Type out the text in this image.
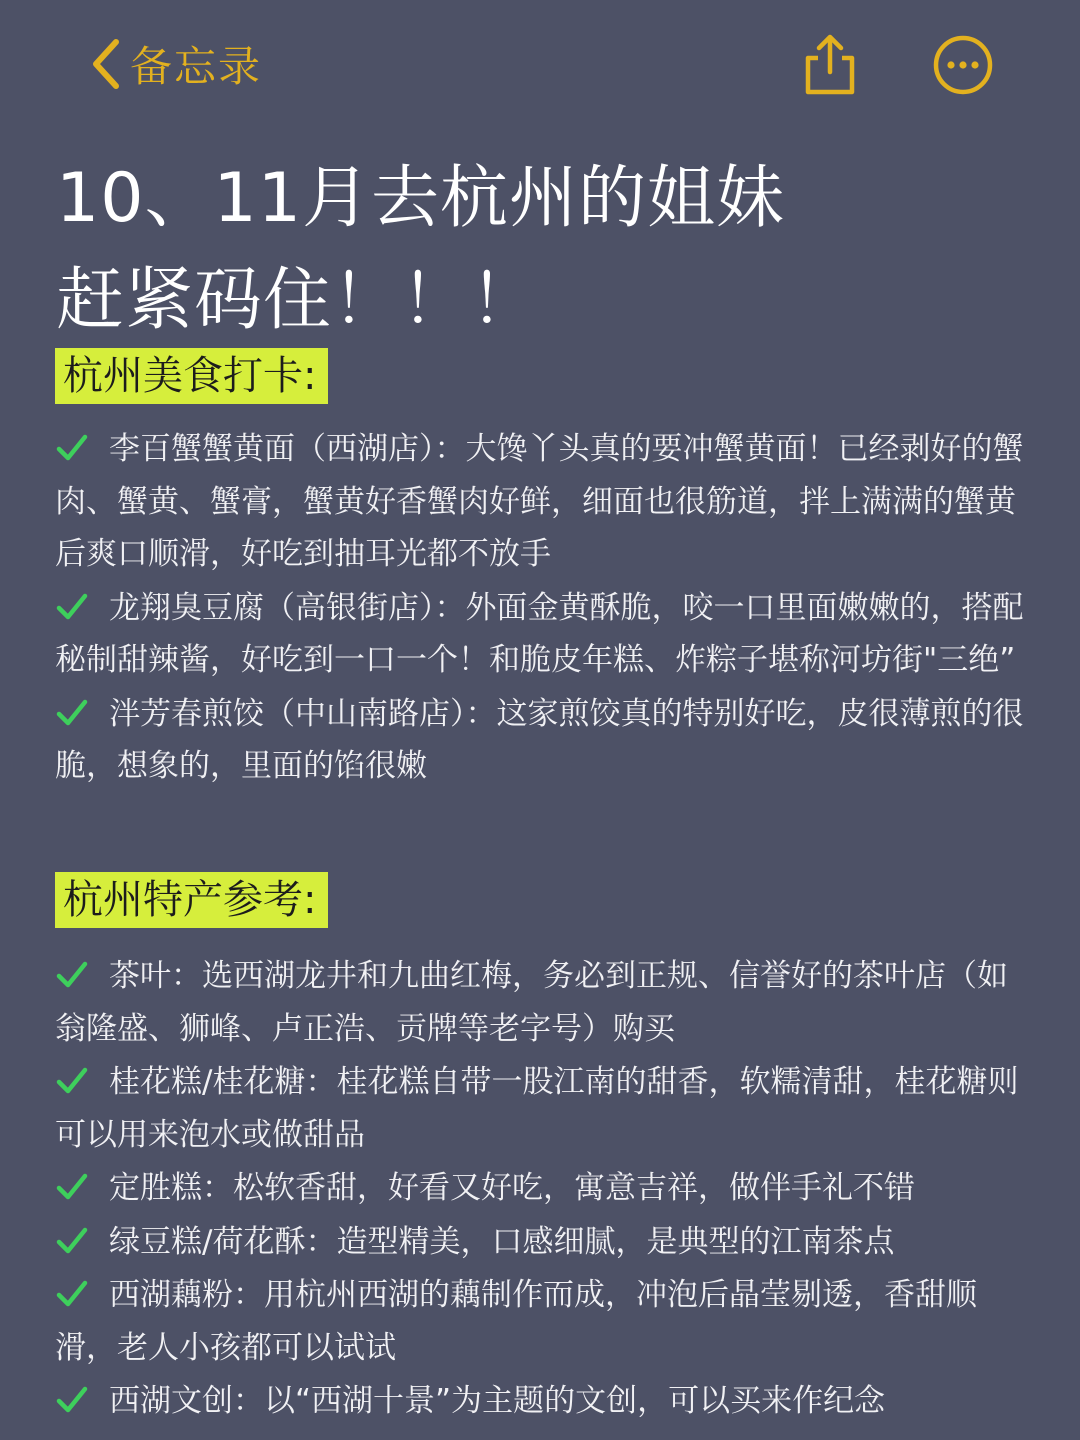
备忘录
10、11月去杭州的姐妹
赶紧码住！！！
杭州美食打卡:

李百蟹蟹黄面（西湖店）：大馋丫头真的要冲蟹黄面！已经剥好的蟹肉、蟹黄、蟹膏，蟹黄好香蟹肉好鲜，细面也很筋道，拌上满满的蟹黄后爽口顺滑，好吃到抽耳光都不放手

龙翔臭豆腐（高银街店）：外面金黄酥脆，咬一口里面嫩嫩的，搭配秘制甜辣酱，好吃到一口一个！和脆皮年糕、炸粽子堪称河坊街"三绝”

泮芳春煎饺（中山南路店）：这家煎饺真的特别好吃，皮很薄煎的很脆，想象的，里面的馅很嫩

杭州特产参考:

茶叶：选西湖龙井和九曲红梅，务必到正规、信誉好的茶叶店（如翁隆盛、狮峰、卢正浩、贡牌等老字号）购买

桂花糕/桂花糖：桂花糕自带一股江南的甜香，软糯清甜，桂花糖则可以用来泡水或做甜品

定胜糕：松软香甜，好看又好吃，寓意吉祥，做伴手礼不错

绿豆糕/荷花酥：造型精美，口感细腻，是典型的江南茶点

西湖藕粉：用杭州西湖的藕制作而成，冲泡后晶莹剔透，香甜顺滑，老人小孩都可以试试

西湖文创：以“西湖十景”为主题的文创，可以买来作纪念
